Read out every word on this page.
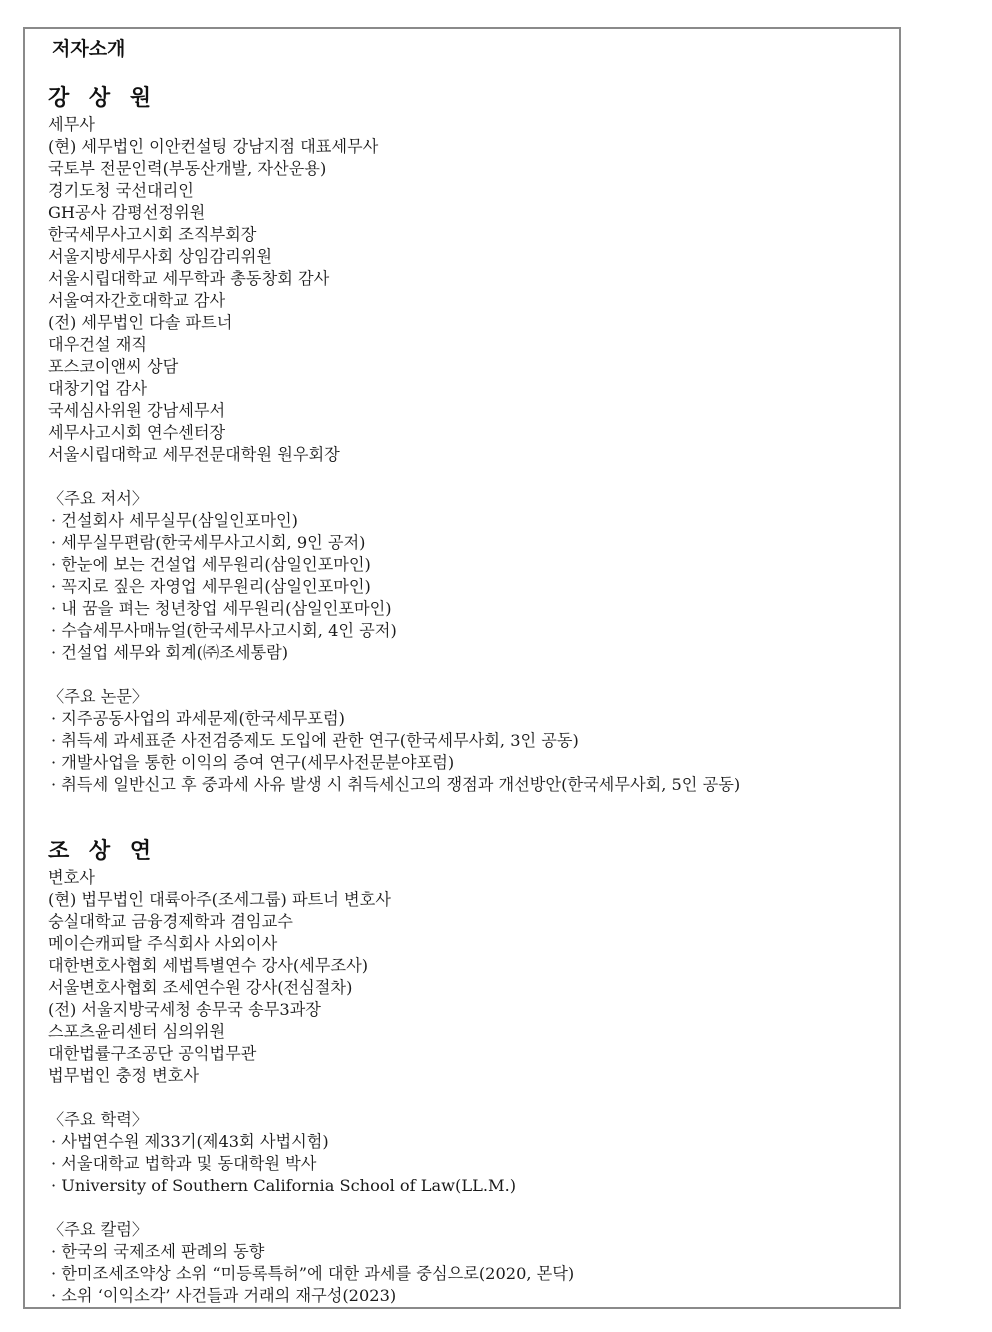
저자소개

강 상 원

세무사

(현) 세무법인 이안컨설팅 강남지점 대표세무사

국토부 전문인력(부동산개발, 자산운용)

경기도청 국선대리인

GH공사 감평선정위원

한국세무사고시회 조직부회장

서울지방세무사회 상임감리위원

서울시립대학교 세무학과 총동창회 감사

서울여자간호대학교 감사

(전) 세무법인 다솔 파트너

대우건설 재직

포스코이앤씨 상담

대창기업 감사

국세심사위원 강남세무서

세무사고시회 연수센터장

서울시립대학교 세무전문대학원 원우회장

〈주요 저서〉

· 건설회사 세무실무(삼일인포마인)

· 세무실무편람(한국세무사고시회, 9인 공저)

· 한눈에 보는 건설업 세무원리(삼일인포마인)

· 꼭지로 짚은 자영업 세무원리(삼일인포마인)

· 내 꿈을 펴는 청년창업 세무원리(삼일인포마인)

· 수습세무사매뉴얼(한국세무사고시회, 4인 공저)

· 건설업 세무와 회계(㈜조세통람)

〈주요 논문〉

· 지주공동사업의 과세문제(한국세무포럼)

· 취득세 과세표준 사전검증제도 도입에 관한 연구(한국세무사회, 3인 공동)

· 개발사업을 통한 이익의 증여 연구(세무사전문분야포럼)

· 취득세 일반신고 후 중과세 사유 발생 시 취득세신고의 쟁점과 개선방안(한국세무사회, 5인 공동)

조 상 연

변호사

(현) 법무법인 대륙아주(조세그룹) 파트너 변호사

숭실대학교 금융경제학과 겸임교수

메이슨캐피탈 주식회사 사외이사

대한변호사협회 세법특별연수 강사(세무조사)

서울변호사협회 조세연수원 강사(전심절차)

(전) 서울지방국세청 송무국 송무3과장

스포츠윤리센터 심의위원

대한법률구조공단 공익법무관

법무법인 충정 변호사

〈주요 학력〉

· 사법연수원 제33기(제43회 사법시험)

· 서울대학교 법학과 및 동대학원 박사

· University of Southern California School of Law(LL.M.)

〈주요 칼럼〉

· 한국의 국제조세 판례의 동향

· 한미조세조약상 소위 “미등록특허”에 대한 과세를 중심으로(2020, 몬닥)

· 소위 ‘이익소각’ 사건들과 거래의 재구성(2023)
